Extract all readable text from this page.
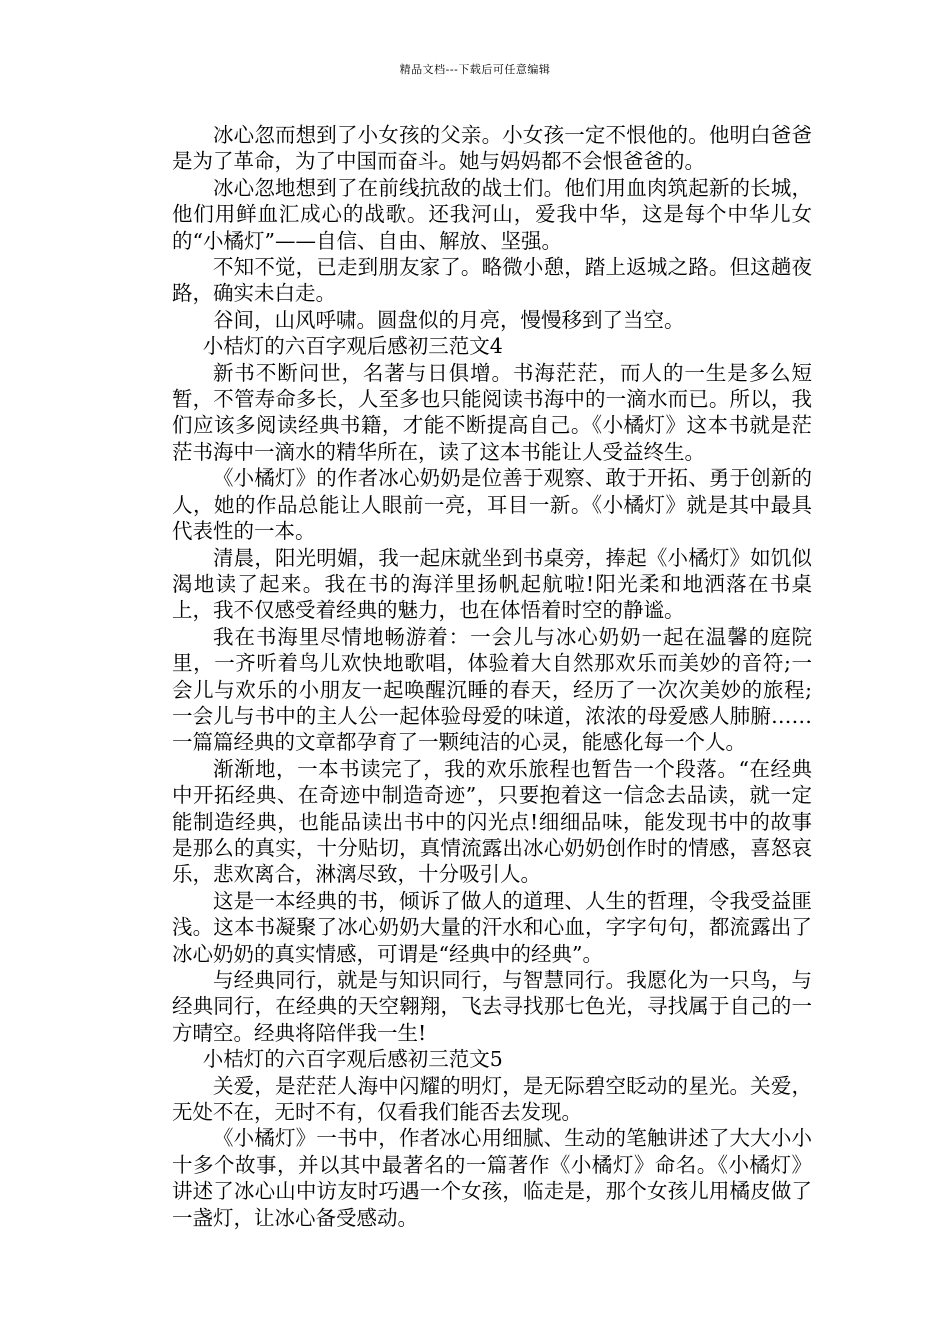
精品文档---下载后可任意编辑

冰心忽而想到了小女孩的父亲。小女孩一定不恨他的。他明白爸爸是为了革命，为了中国而奋斗。她与妈妈都不会恨爸爸的。

冰心忽地想到了在前线抗敌的战士们。他们用血肉筑起新的长城，他们用鲜血汇成心的战歌。还我河山，爱我中华，这是每个中华儿女的“小橘灯”——自信、自由、解放、坚强。

不知不觉，已走到朋友家了。略微小憩，踏上返城之路。但这趟夜路，确实未白走。

谷间，山风呼啸。圆盘似的月亮，慢慢移到了当空。

小桔灯的六百字观后感初三范文4

新书不断问世，名著与日俱增。书海茫茫，而人的一生是多么短暂，不管寿命多长，人至多也只能阅读书海中的一滴水而已。所以，我们应该多阅读经典书籍，才能不断提高自己。《小橘灯》这本书就是茫茫书海中一滴水的精华所在，读了这本书能让人受益终生。

《小橘灯》的作者冰心奶奶是位善于观察、敢于开拓、勇于创新的人，她的作品总能让人眼前一亮，耳目一新。《小橘灯》就是其中最具代表性的一本。

清晨，阳光明媚，我一起床就坐到书桌旁，捧起《小橘灯》如饥似渴地读了起来。我在书的海洋里扬帆起航啦!阳光柔和地洒落在书桌上，我不仅感受着经典的魅力，也在体悟着时空的静谧。

我在书海里尽情地畅游着：一会儿与冰心奶奶一起在温馨的庭院里，一齐听着鸟儿欢快地歌唱，体验着大自然那欢乐而美妙的音符;一会儿与欢乐的小朋友一起唤醒沉睡的春天，经历了一次次美妙的旅程;一会儿与书中的主人公一起体验母爱的味道，浓浓的母爱感人肺腑……一篇篇经典的文章都孕育了一颗纯洁的心灵，能感化每一个人。

渐渐地，一本书读完了，我的欢乐旅程也暂告一个段落。“在经典中开拓经典、在奇迹中制造奇迹”，只要抱着这一信念去品读，就一定能制造经典，也能品读出书中的闪光点!细细品味，能发现书中的故事是那么的真实，十分贴切，真情流露出冰心奶奶创作时的情感，喜怒哀乐，悲欢离合，淋漓尽致，十分吸引人。

这是一本经典的书，倾诉了做人的道理、人生的哲理，令我受益匪浅。这本书凝聚了冰心奶奶大量的汗水和心血，字字句句，都流露出了冰心奶奶的真实情感，可谓是“经典中的经典”。

与经典同行，就是与知识同行，与智慧同行。我愿化为一只鸟，与经典同行，在经典的天空翱翔，飞去寻找那七色光，寻找属于自己的一方晴空。经典将陪伴我一生!

小桔灯的六百字观后感初三范文5

关爱，是茫茫人海中闪耀的明灯，是无际碧空眨动的星光。关爱，无处不在，无时不有，仅看我们能否去发现。

《小橘灯》一书中，作者冰心用细腻、生动的笔触讲述了大大小小十多个故事，并以其中最著名的一篇著作《小橘灯》命名。《小橘灯》讲述了冰心山中访友时巧遇一个女孩，临走是，那个女孩儿用橘皮做了一盏灯，让冰心备受感动。
